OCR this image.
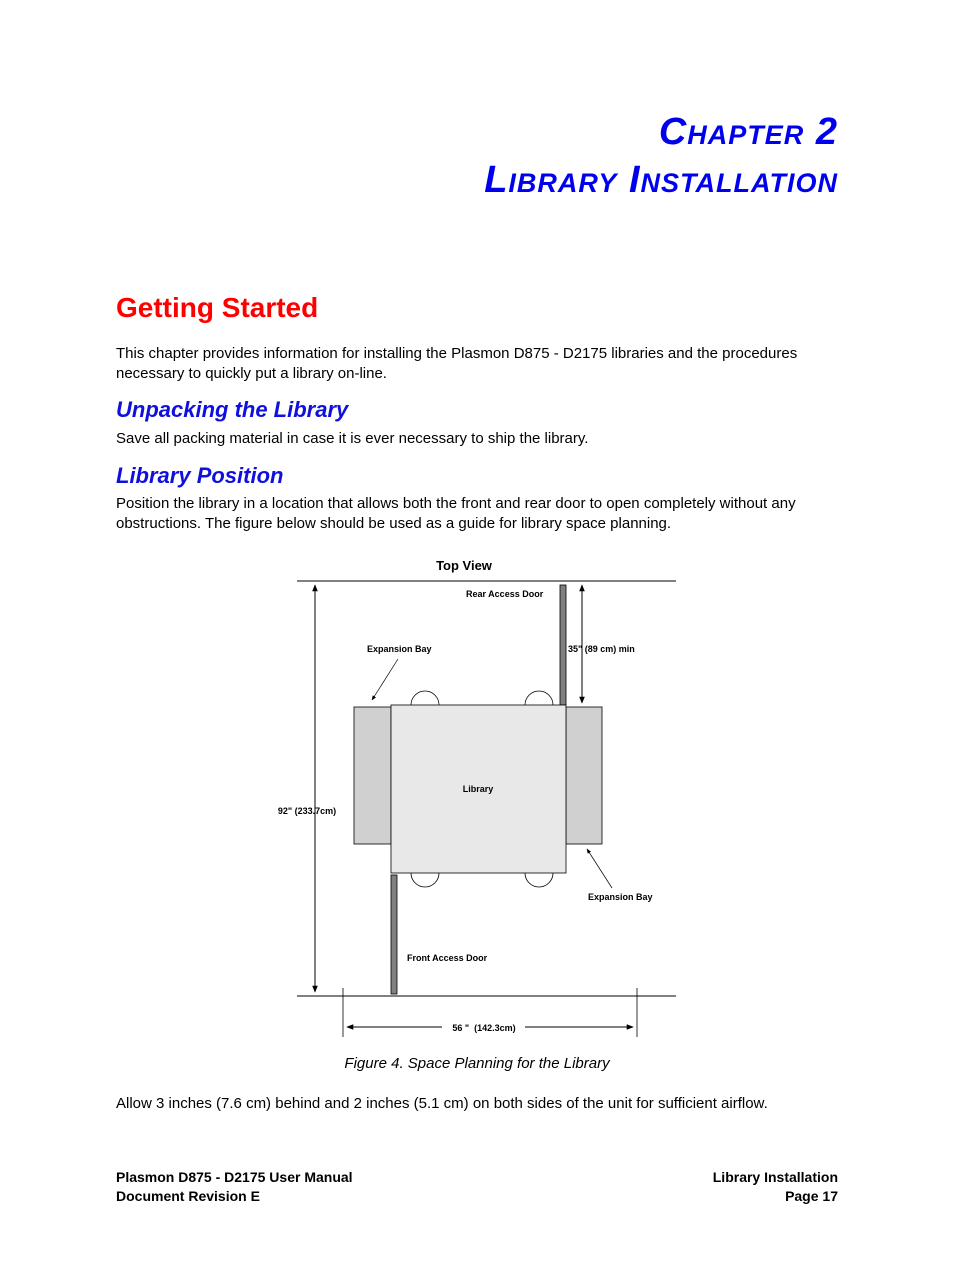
Chapter 2
Library Installation
Getting Started

This chapter provides information for installing the Plasmon D875 - D2175 libraries and the procedures necessary to quickly put a library on-line.

Unpacking the Library

Save all packing material in case it is ever necessary to ship the library.

Library Position

Position the library in a location that allows both the front and rear door to open completely without any obstructions. The figure below should be used as a guide for library space planning.

Top View
92" (233.7cm)
35" (89 cm) min
Rear Access Door
Library
Expansion Bay
Expansion Bay
Front Access Door
56 "  (142.3cm)
Figure 4. Space Planning for the Library

Allow 3 inches (7.6 cm) behind and 2 inches (5.1 cm) on both sides of the unit for sufficient airflow.

Plasmon D875 - D2175 User Manual
Document Revision E
Library Installation
Page 17
